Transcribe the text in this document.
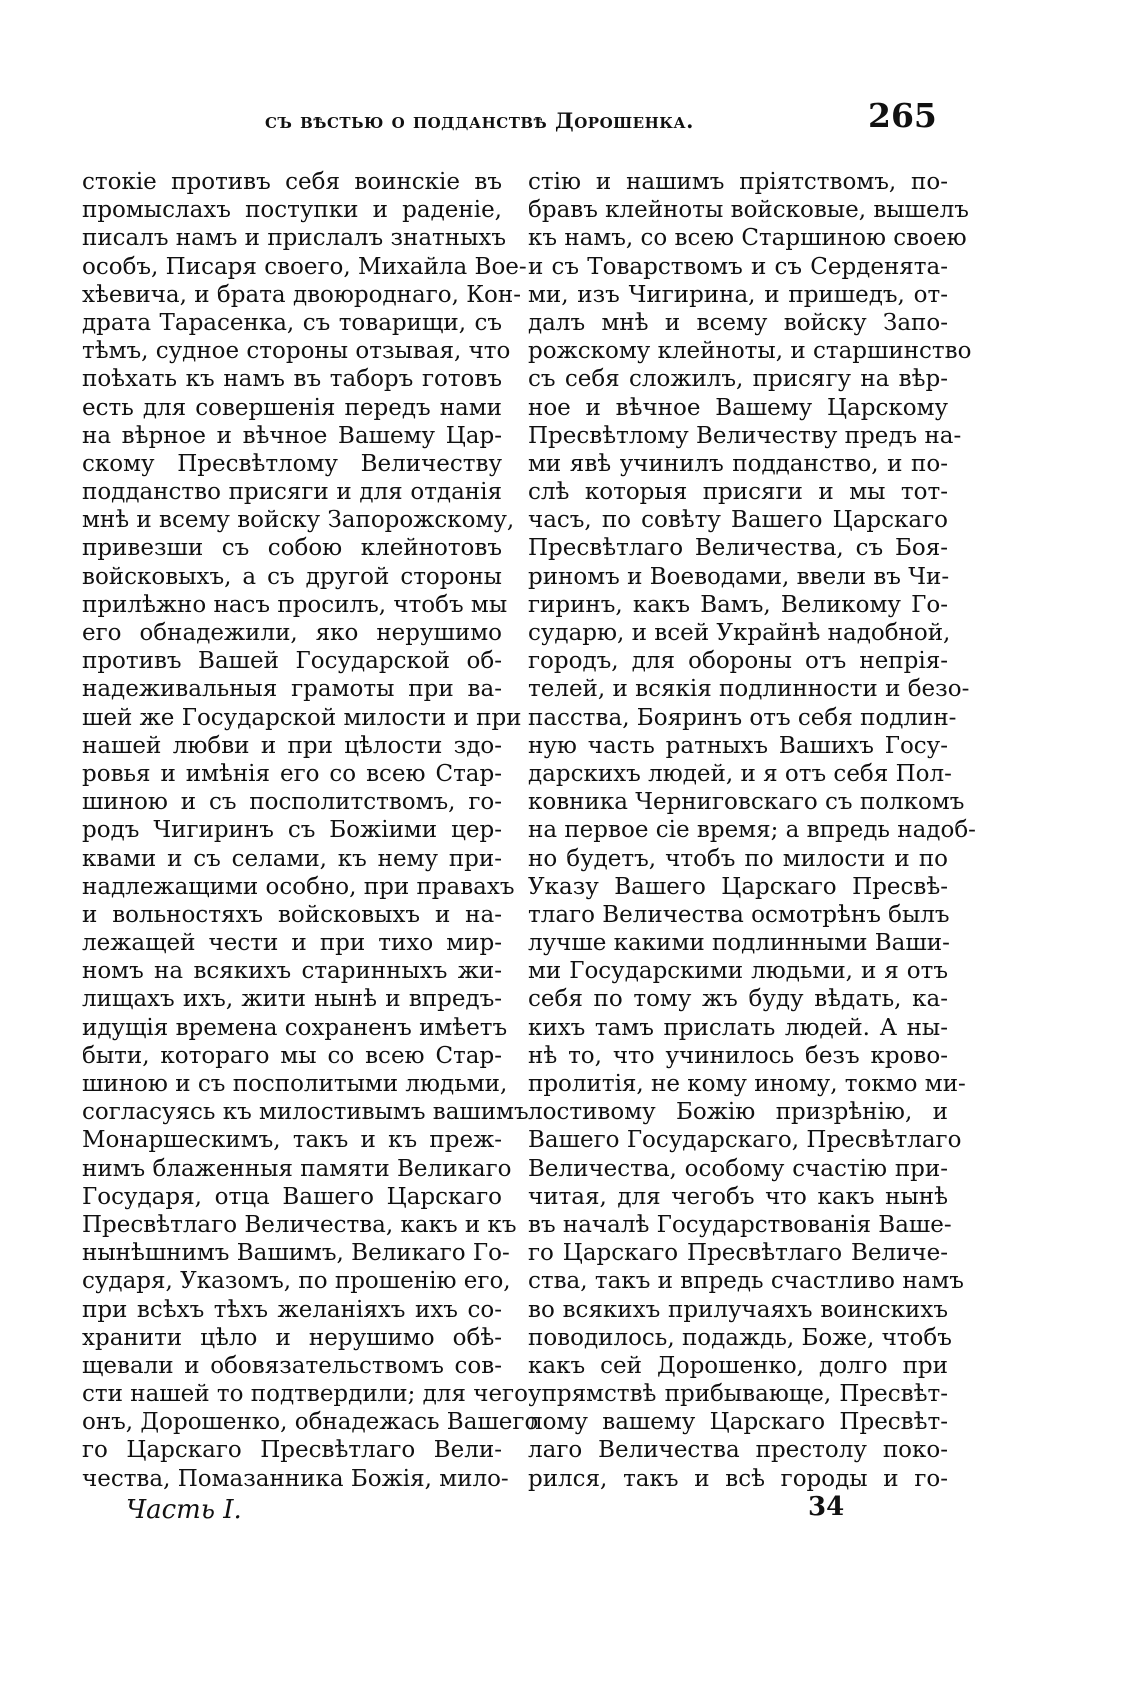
съ вѣстью о подданствѣ Дорошенка.	265
стокіе противъ себя воинскіе въ
промыслахъ поступки и раденіе,
писалъ намъ и прислалъ знатныхъ
особъ, Писаря своего, Михайла Вое-
хѣевича, и брата двоюроднаго, Кон-
драта Тарасенка, съ товарищи, съ
тѣмъ, судное стороны отзывая, что
поѣхать къ намъ въ таборъ готовъ
есть для совершенія передъ нами
на вѣрное и вѣчное Вашему Цар-
скому Пресвѣтлому Величеству
подданство присяги и для отданія
мнѣ и всему войску Запорожскому,
привезши съ собою клейнотовъ
войсковыхъ, а съ другой стороны
прилѣжно насъ просилъ, чтобъ мы
его обнадежили, яко нерушимо
противъ Вашей Государской об-
надеживальныя грамоты при ва-
шей же Государской милости и при
нашей любви и при цѣлости здо-
ровья и имѣнія его со всею Стар-
шиною и съ посполитствомъ, го-
родъ Чигиринъ съ Божіими цер-
квами и съ селами, къ нему при-
надлежащими особно, при правахъ
и вольностяхъ войсковыхъ и на-
лежащей чести и при тихо мир-
номъ на всякихъ старинныхъ жи-
лищахъ ихъ, жити нынѣ и впредъ-
идущія времена сохраненъ имѣетъ
быти, котораго мы со всею Стар-
шиною и съ посполитыми людьми,
согласуясь къ милостивымъ вашимъ
Монаршескимъ, такъ и къ преж-
нимъ блаженныя памяти Великаго
Государя, отца Вашего Царскаго
Пресвѣтлаго Величества, какъ и къ
нынѣшнимъ Вашимъ, Великаго Го-
сударя, Указомъ, по прошенію его,
при всѣхъ тѣхъ желаніяхъ ихъ со-
хранити цѣло и нерушимо обѣ-
щевали и обовязательствомъ сов-
сти нашей то подтвердили; для чего
онъ, Дорошенко, обнадежась Вашего
го Царскаго Пресвѣтлаго Вели-
чества, Помазанника Божія, мило-
стію и нашимъ пріятствомъ, по-
бравъ клейноты войсковые, вышелъ
къ намъ, со всею Старшиною своею
и съ Товарствомъ и съ Серденята-
ми, изъ Чигирина, и пришедъ, от-
далъ мнѣ и всему войску Запо-
рожскому клейноты, и старшинство
съ себя сложилъ, присягу на вѣр-
ное и вѣчное Вашему Царскому
Пресвѣтлому Величеству предъ на-
ми явѣ учинилъ подданство, и по-
слѣ которыя присяги и мы тот-
часъ, по совѣту Вашего Царскаго
Пресвѣтлаго Величества, съ Боя-
риномъ и Воеводами, ввели въ Чи-
гиринъ, какъ Вамъ, Великому Го-
сударю, и всей Украйнѣ надобной,
городъ, для обороны отъ непрія-
телей, и всякія подлинности и безо-
пасства, Бояринъ отъ себя подлин-
ную часть ратныхъ Вашихъ Госу-
дарскихъ людей, и я отъ себя Пол-
ковника Черниговскаго съ полкомъ
на первое сіе время; а впредь надоб-
но будетъ, чтобъ по милости и по
Указу Вашего Царскаго Пресвѣ-
тлаго Величества осмотрѣнъ былъ
лучше какими подлинными Ваши-
ми Государскими людьми, и я отъ
себя по тому жъ буду вѣдать, ка-
кихъ тамъ прислать людей. А ны-
нѣ то, что учинилось безъ крово-
пролитія, не кому иному, токмо ми-
лостивому Божію призрѣнію, и
Вашего Государскаго, Пресвѣтлаго
Величества, особому счастію при-
читая, для чегобъ что какъ нынѣ
въ началѣ Государствованія Ваше-
го Царскаго Пресвѣтлаго Величе-
ства, такъ и впредь счастливо намъ
во всякихъ прилучаяхъ воинскихъ
поводилось, подаждь, Боже, чтобъ
какъ сей Дорошенко, долго при
упрямствѣ прибывающе, Пресвѣт-
лому вашему Царскаго Пресвѣт-
лаго Величества престолу поко-
рился, такъ и всѣ городы и го-
Часть I.	34
